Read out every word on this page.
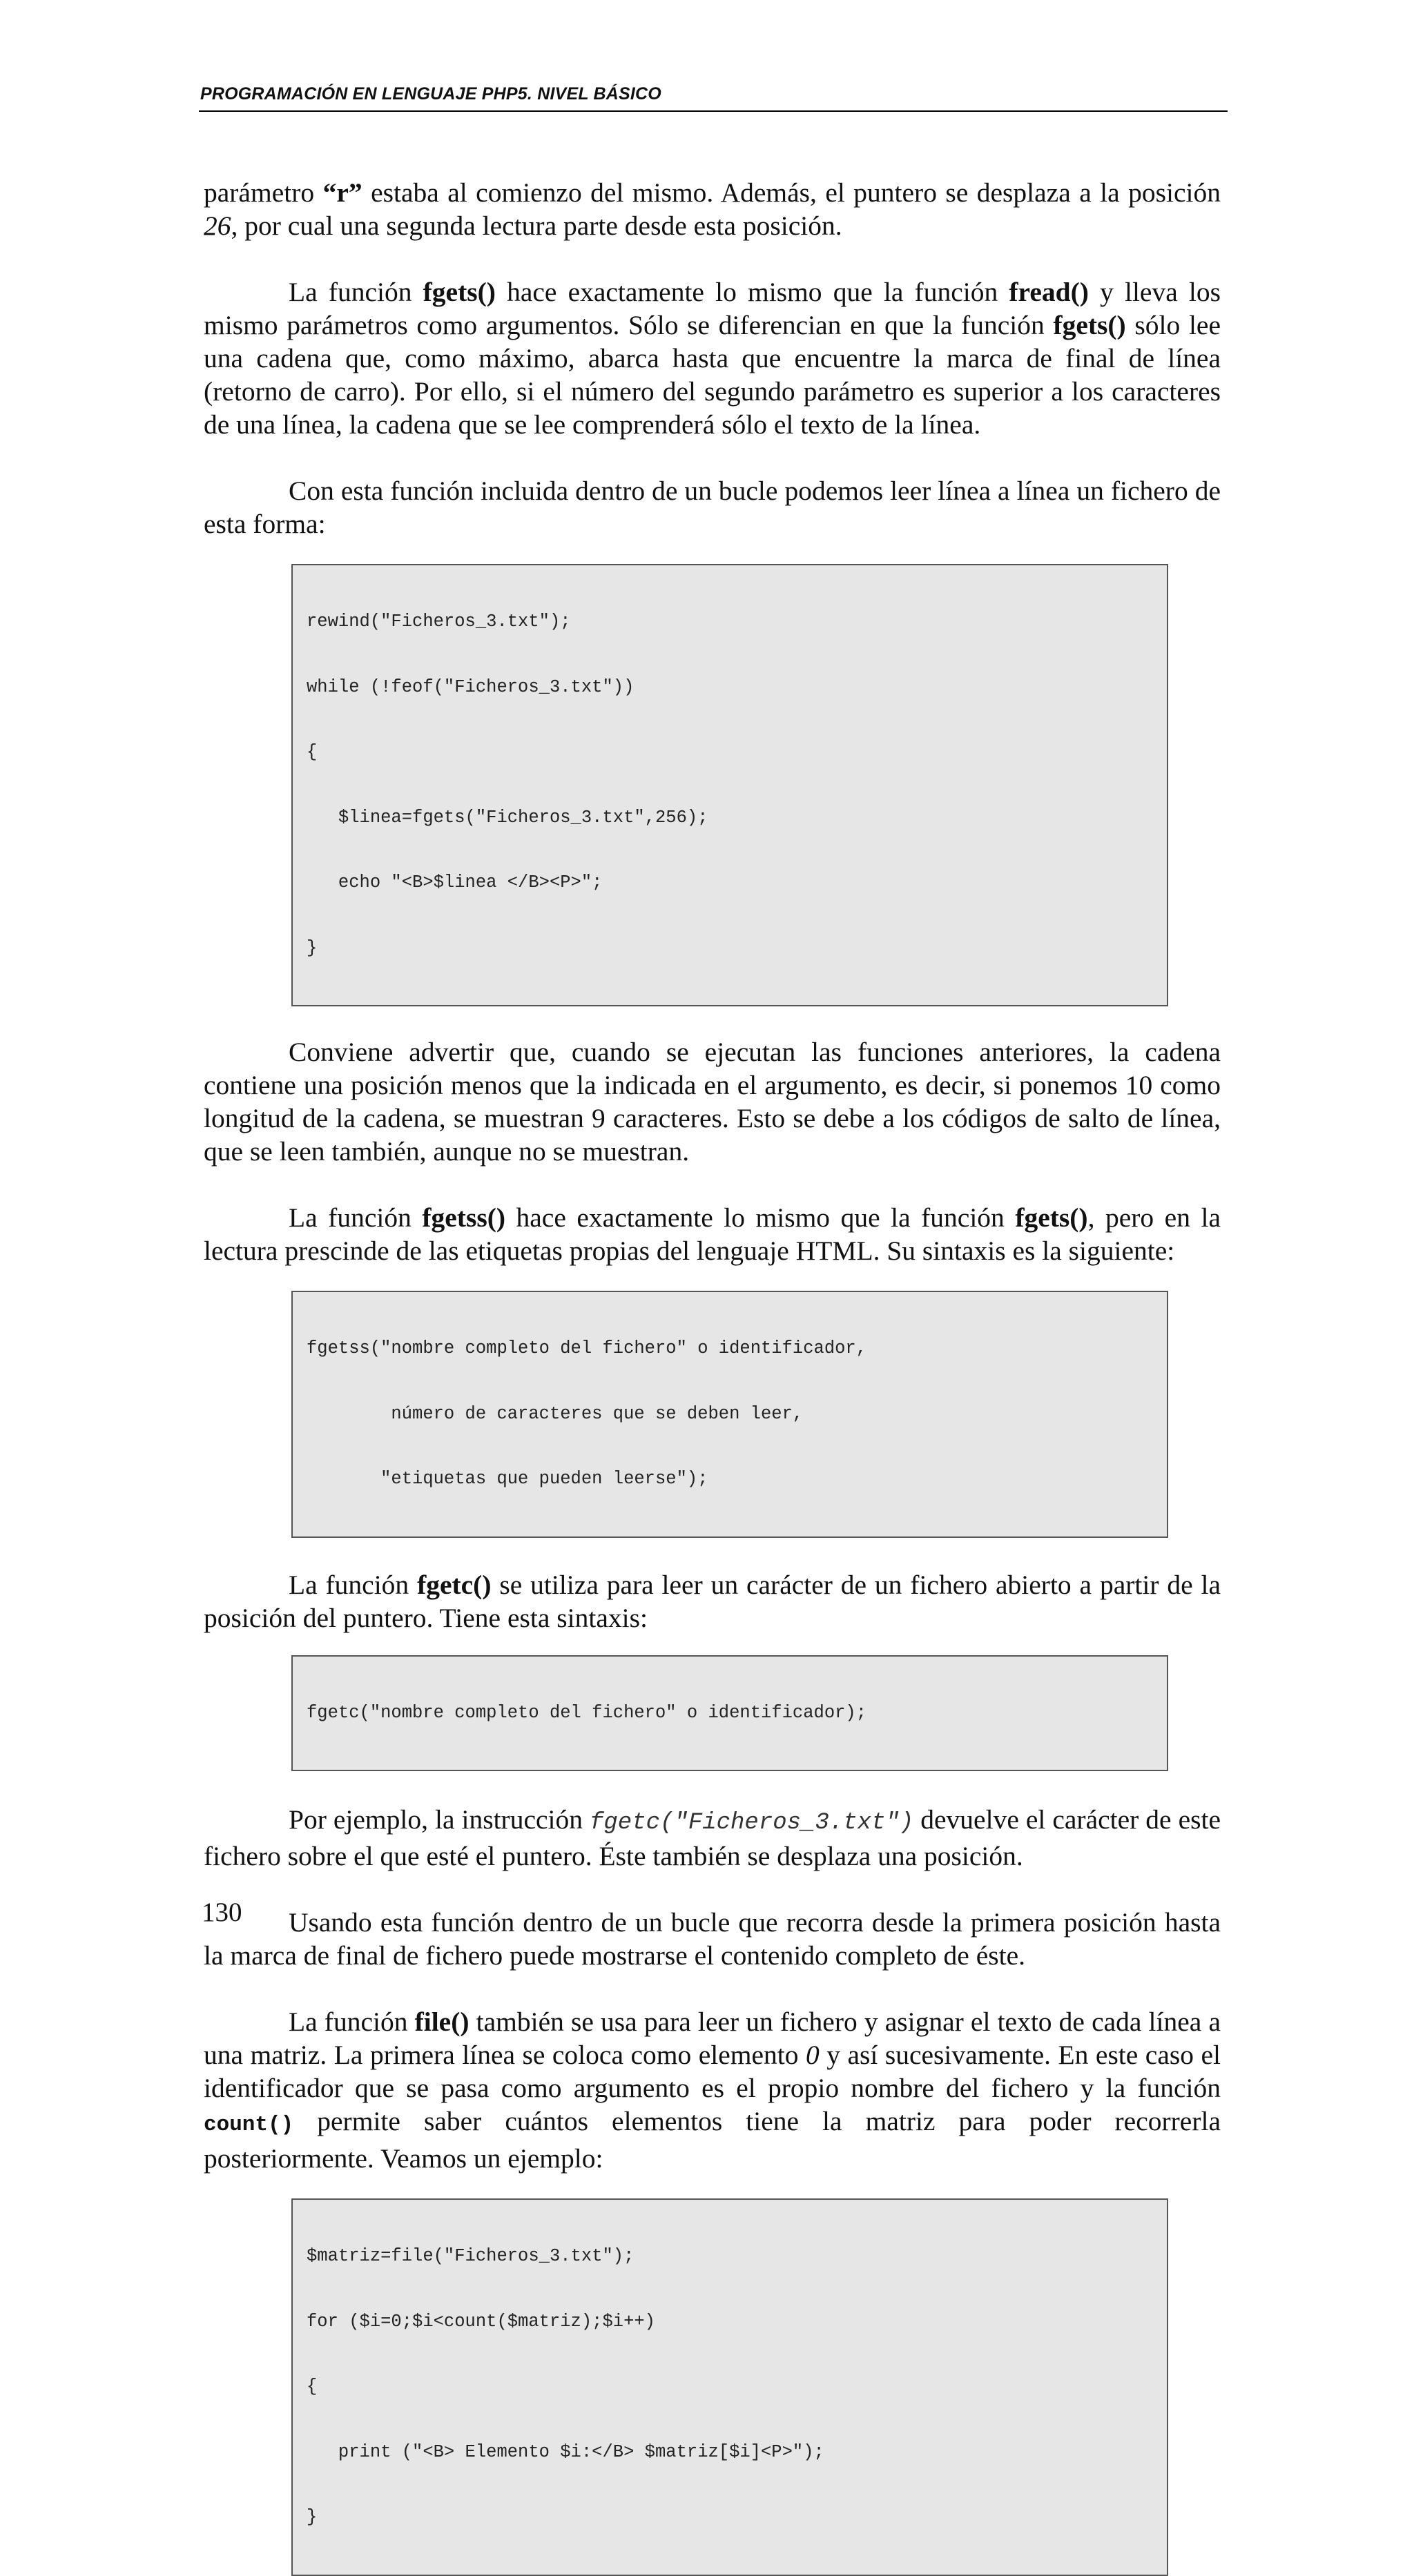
PROGRAMACIÓN EN LENGUAJE PHP5. NIVEL BÁSICO

parámetro “r” estaba al comienzo del mismo. Además, el puntero se desplaza a la posición 26, por cual una segunda lectura parte desde esta posición.

La función fgets() hace exactamente lo mismo que la función fread() y lleva los mismo parámetros como argumentos. Sólo se diferencian en que la función fgets() sólo lee una cadena que, como máximo, abarca hasta que encuentre la marca de final de línea (retorno de carro). Por ello, si el número del segundo parámetro es superior a los caracteres de una línea, la cadena que se lee comprenderá sólo el texto de la línea.

Con esta función incluida dentro de un bucle podemos leer línea a línea un fichero de esta forma:

rewind("Ficheros_3.txt");

while (!feof("Ficheros_3.txt"))

{

$linea=fgets("Ficheros_3.txt",256);

echo "<B>$linea </B><P>";

}

Conviene advertir que, cuando se ejecutan las funciones anteriores, la cadena contiene una posición menos que la indicada en el argumento, es decir, si ponemos 10 como longitud de la cadena, se muestran 9 caracteres. Esto se debe a los códigos de salto de línea, que se leen también, aunque no se muestran.

La función fgetss() hace exactamente lo mismo que la función fgets(), pero en la lectura prescinde de las etiquetas propias del lenguaje HTML. Su sintaxis es la siguiente:

fgetss("nombre completo del fichero" o identificador,

número de caracteres que se deben leer,

"etiquetas que pueden leerse");

La función fgetc() se utiliza para leer un carácter de un fichero abierto a partir de la posición del puntero. Tiene esta sintaxis:

fgetc("nombre completo del fichero" o identificador);

Por ejemplo, la instrucción fgetc("Ficheros_3.txt") devuelve el carácter de este fichero sobre el que esté el puntero. Éste también se desplaza una posición.

Usando esta función dentro de un bucle que recorra desde la primera posición hasta la marca de final de fichero puede mostrarse el contenido completo de éste.

La función file() también se usa para leer un fichero y asignar el texto de cada línea a una matriz. La primera línea se coloca como elemento 0 y así sucesivamente. En este caso el identificador que se pasa como argumento es el propio nombre del fichero y la función count() permite saber cuántos elementos tiene la matriz para poder recorrerla posteriormente. Veamos un ejemplo:

$matriz=file("Ficheros_3.txt");

for ($i=0;$i<count($matriz);$i++)

{

print ("<B> Elemento $i:</B> $matriz[$i]<P>");

}

130
